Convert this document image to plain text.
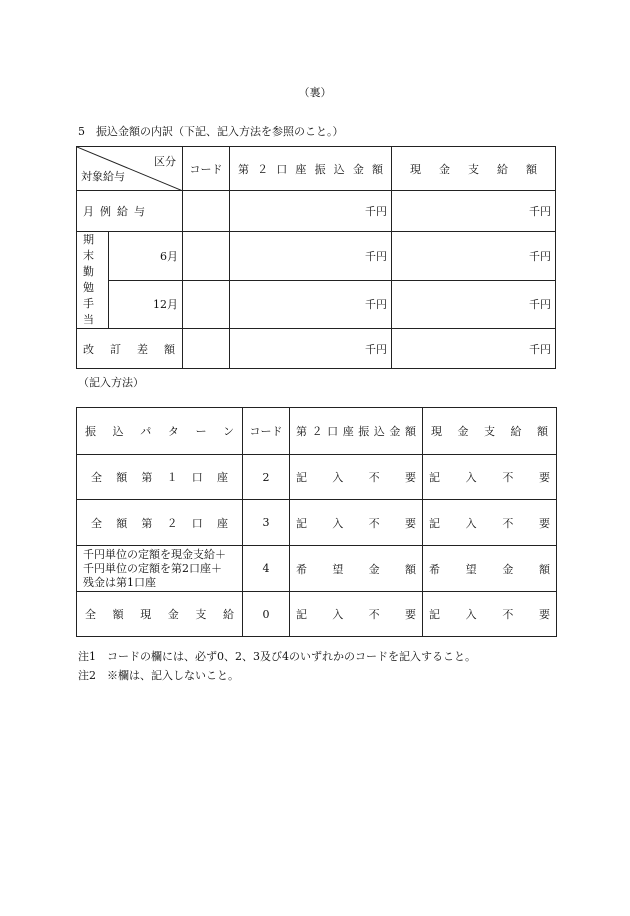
（裏）
5　振込金額の内訳（下記、記入方法を参照のこと。）
区分
対象給与		コード	第２口座振込金額	現金支給額

月例給与			千円	千円

期　末
勤　勉
手　当	6月		千円	千円
	12月		千円	千円

改訂差額			千円	千円
（記入方法）
振込パターン	コード	第２口座振込金額	現金支給額

全額第１口座	2	記入不要	記入不要

全額第２口座	3	記入不要	記入不要

千円単位の定額を現金支給＋
千円単位の定額を第2口座＋
残金は第1口座	4	希望金額	希望金額

全額現金支給	0	記入不要	記入不要
注1　コードの欄には、必ず0、2、3及び4のいずれかのコードを記入すること。
注2　※欄は、記入しないこと。
